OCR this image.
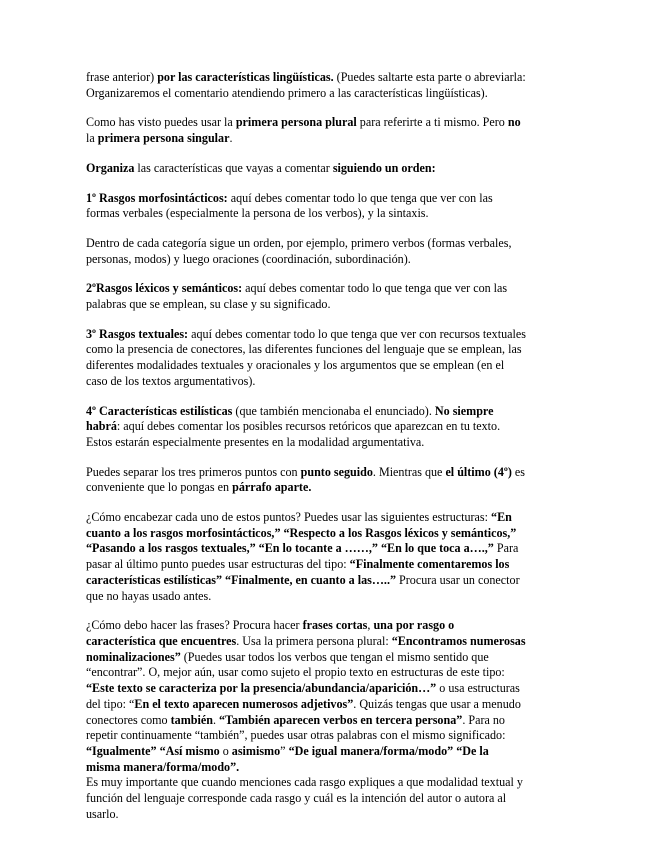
frase anterior) por las características lingüísticas. (Puedes saltarte esta parte o abreviarla: Organizaremos el comentario atendiendo primero a las características lingüísticas).

Como has visto puedes usar la primera persona plural para referirte a ti mismo. Pero no la primera persona singular.

Organiza las características que vayas a comentar siguiendo un orden:

1º Rasgos morfosintácticos: aquí debes comentar todo lo que tenga que ver con las formas verbales (especialmente la persona de los verbos), y la sintaxis.

Dentro de cada categoría sigue un orden, por ejemplo, primero verbos (formas verbales, personas, modos) y luego oraciones (coordinación, subordinación).

2ºRasgos léxicos y semánticos: aquí debes comentar todo lo que tenga que ver con las palabras que se emplean, su clase y su significado.

3º Rasgos textuales: aquí debes comentar todo lo que tenga que ver con recursos textuales como la presencia de conectores, las diferentes funciones del lenguaje que se emplean, las diferentes modalidades textuales y oracionales y los argumentos que se emplean (en el caso de los textos argumentativos).

4º Características estilísticas (que también mencionaba el enunciado). No siempre habrá: aquí debes comentar los posibles recursos retóricos que aparezcan en tu texto. Estos estarán especialmente presentes en la modalidad argumentativa.

Puedes separar los tres primeros puntos con punto seguido. Mientras que el último (4º) es conveniente que lo pongas en párrafo aparte.

¿Cómo encabezar cada uno de estos puntos? Puedes usar las siguientes estructuras: “En cuanto a los rasgos morfosintácticos,” “Respecto a los Rasgos léxicos y semánticos,” “Pasando a los rasgos textuales,” “En lo tocante a ……,” “En lo que toca a….,” Para pasar al último punto puedes usar estructuras del tipo: “Finalmente comentaremos los características estilísticas” “Finalmente, en cuanto a las…..” Procura usar un conector que no hayas usado antes.

¿Cómo debo hacer las frases? Procura hacer frases cortas, una por rasgo o característica que encuentres. Usa la primera persona plural: “Encontramos numerosas nominalizaciones” (Puedes usar todos los verbos que tengan el mismo sentido que “encontrar”. O, mejor aún, usar como sujeto el propio texto en estructuras de este tipo: “Este texto se caracteriza por la presencia/abundancia/aparición…” o usa estructuras del tipo: “En el texto aparecen numerosos adjetivos”. Quizás tengas que usar a menudo conectores como también. “También aparecen verbos en tercera persona”. Para no repetir continuamente “también”, puedes usar otras palabras con el mismo significado: “Igualmente” “Así mismo o asimismo” “De igual manera/forma/modo” “De la misma manera/forma/modo”.

Es muy importante que cuando menciones cada rasgo expliques a que modalidad textual y función del lenguaje corresponde cada rasgo y cuál es la intención del autor o autora al usarlo.
